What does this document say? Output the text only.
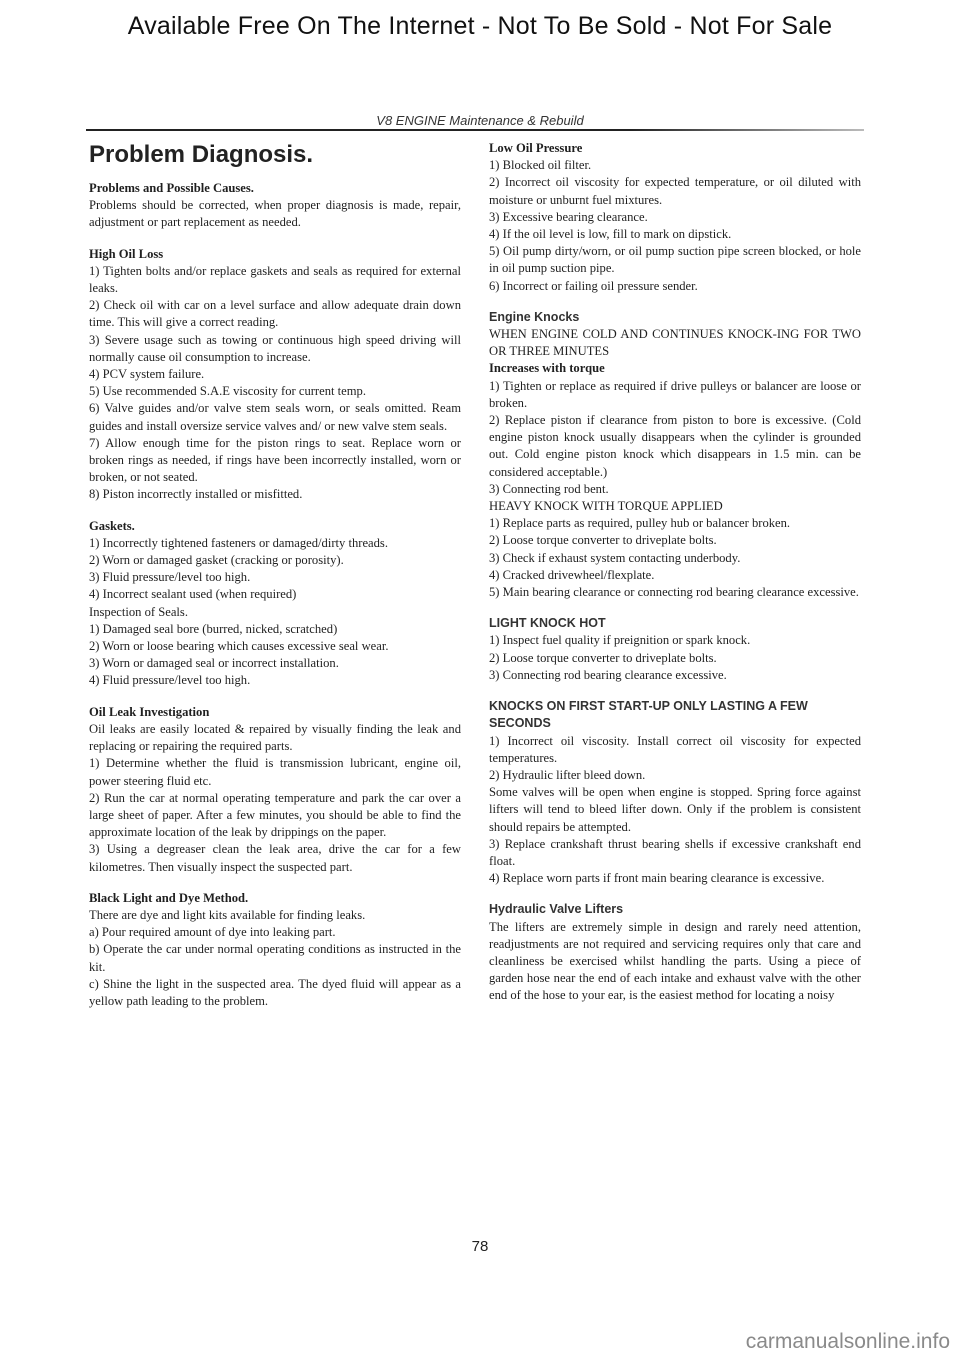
Available Free On The Internet - Not To Be Sold - Not For Sale
V8 ENGINE Maintenance & Rebuild
Problem Diagnosis.
Problems and Possible Causes.

Problems should be corrected, when proper diagnosis is made, repair, adjustment or part replacement as needed.

High Oil Loss

1) Tighten bolts and/or replace gaskets and seals as required for external leaks.

2) Check oil with car on a level surface and allow adequate drain down time. This will give a correct reading.

3) Severe usage such as towing or continuous high speed driving will normally cause oil consumption to increase.

4) PCV system failure.

5) Use recommended S.A.E viscosity for current temp.

6) Valve guides and/or valve stem seals worn, or seals omitted. Ream guides and install oversize service valves and/ or new valve stem seals.

7) Allow enough time for the piston rings to seat. Replace worn or broken rings as needed, if rings have been incorrectly installed, worn or broken, or not seated.

8) Piston incorrectly installed or misfitted.

Gaskets.

1) Incorrectly tightened fasteners or damaged/dirty threads.

2) Worn or damaged gasket (cracking or porosity).

3) Fluid pressure/level too high.

4) Incorrect sealant used (when required)

Inspection of Seals.

1) Damaged seal bore (burred, nicked, scratched)

2) Worn or loose bearing which causes excessive seal wear.

3) Worn or damaged seal or incorrect installation.

4) Fluid pressure/level too high.

Oil Leak Investigation

Oil leaks are easily located & repaired by visually finding the leak and replacing or repairing the required parts.

1) Determine whether the fluid is transmission lubricant, engine oil, power steering fluid etc.

2) Run the car at normal operating temperature and park the car over a large sheet of paper. After a few minutes, you should be able to find the approximate location of the leak by drippings on the paper.

3) Using a degreaser clean the leak area, drive the car for a few kilometres. Then visually inspect the suspected part.

Black Light and Dye Method.

There are dye and light kits available for finding leaks.

a) Pour required amount of dye into leaking part.

b) Operate the car under normal operating conditions as instructed in the kit.

c) Shine the light in the suspected area. The dyed fluid will appear as a yellow path leading to the problem.

Low Oil Pressure

1) Blocked oil filter.

2) Incorrect oil viscosity for expected temperature, or oil diluted with moisture or unburnt fuel mixtures.

3) Excessive bearing clearance.

4) If the oil level is low, fill to mark on dipstick.

5) Oil pump dirty/worn, or oil pump suction pipe screen blocked, or hole in oil pump suction pipe.

6) Incorrect or failing oil pressure sender.

Engine Knocks

WHEN ENGINE COLD AND CONTINUES KNOCK-ING FOR TWO OR THREE MINUTES

Increases with torque

1) Tighten or replace as required if drive pulleys or balancer are loose or broken.

2) Replace piston if clearance from piston to bore is excessive. (Cold engine piston knock usually disappears when the cylinder is grounded out. Cold engine piston knock which disappears in 1.5 min. can be considered acceptable.)

3) Connecting rod bent.

HEAVY KNOCK WITH TORQUE APPLIED

1) Replace parts as required, pulley hub or balancer broken.

2) Loose torque converter to driveplate bolts.

3) Check if exhaust system contacting underbody.

4) Cracked drivewheel/flexplate.

5) Main bearing clearance or connecting rod bearing clearance excessive.

LIGHT KNOCK HOT

1) Inspect fuel quality if preignition or spark knock.

2) Loose torque converter to driveplate bolts.

3) Connecting rod bearing clearance excessive.

KNOCKS ON FIRST START-UP ONLY LASTING A FEW SECONDS

1) Incorrect oil viscosity. Install correct oil viscosity for expected temperatures.

2) Hydraulic lifter bleed down.

Some valves will be open when engine is stopped. Spring force against lifters will tend to bleed lifter down. Only if the problem is consistent should repairs be attempted.

3) Replace crankshaft thrust bearing shells if excessive crankshaft end float.

4) Replace worn parts if front main bearing clearance is excessive.

Hydraulic Valve Lifters

The lifters are extremely simple in design and rarely need attention, readjustments are not required and servicing requires only that care and cleanliness be exercised whilst handling the parts. Using a piece of garden hose near the end of each intake and exhaust valve with the other end of the hose to your ear, is the easiest method for locating a noisy

78
carmanualsonline.info
